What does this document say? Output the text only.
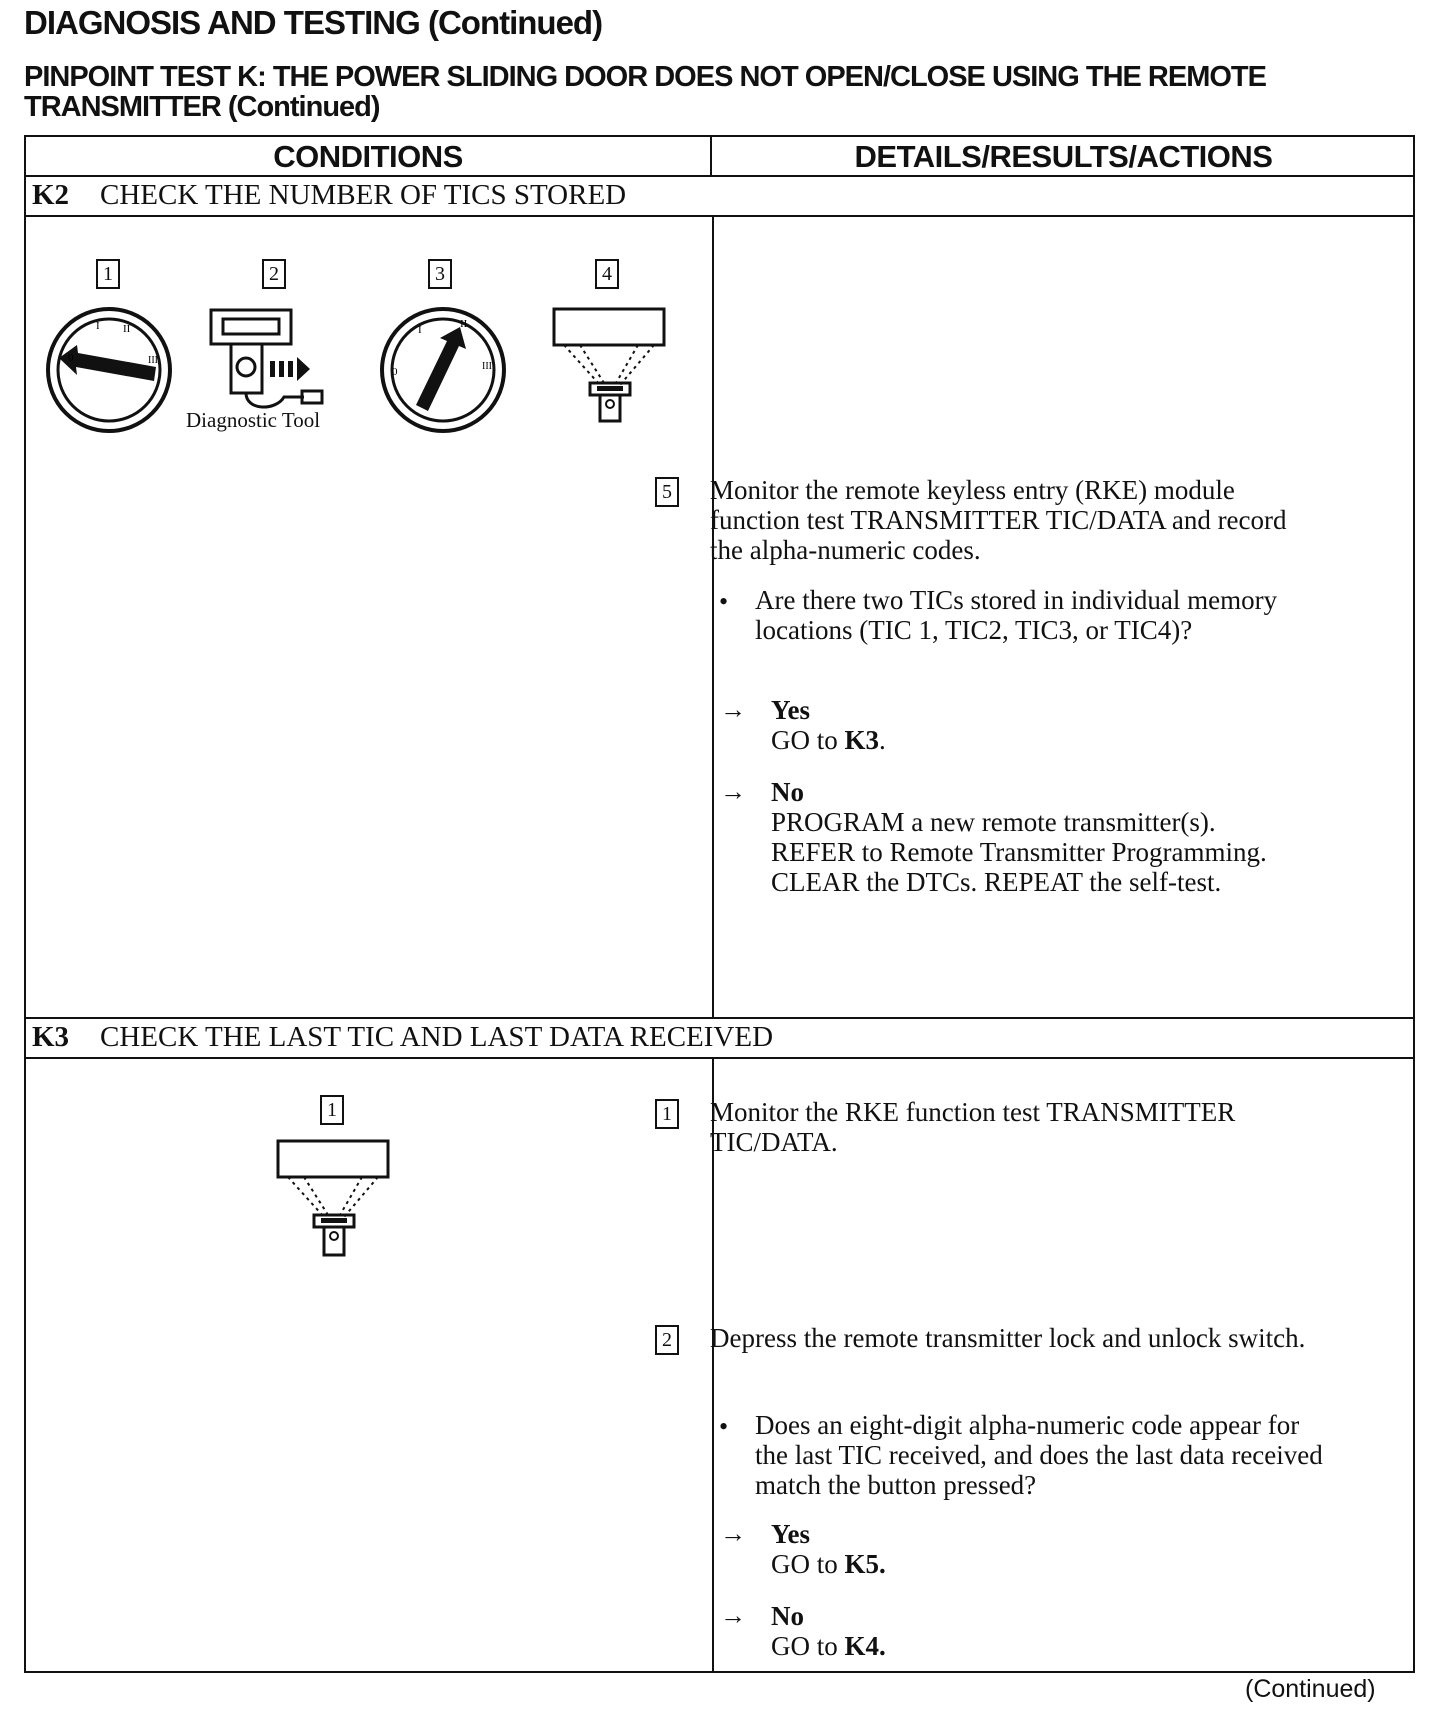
DIAGNOSIS AND TESTING (Continued)
PINPOINT TEST K: THE POWER SLIDING DOOR DOES NOT OPEN/CLOSE USING THE REMOTE TRANSMITTER (Continued)
CONDITIONS	DETAILS/RESULTS/ACTIONS
K2 CHECK THE NUMBER OF TICS STORED
1	2	3	4
0
I II
III
Diagnostic Tool
0
I	II
III
5 Monitor the remote keyless entry (RKE) module function test TRANSMITTER TIC/DATA and record the alpha-numeric codes.
• Are there two TICs stored in individual memory locations (TIC 1, TIC2, TIC3, or TIC4)?
→ Yes
GO to K3.
→ No
PROGRAM a new remote transmitter(s).
REFER to Remote Transmitter Programming.
CLEAR the DTCs. REPEAT the self-test.
K3 CHECK THE LAST TIC AND LAST DATA RECEIVED
1	1 Monitor the RKE function test TRANSMITTER TIC/DATA.
2 Depress the remote transmitter lock and unlock switch.
• Does an eight-digit alpha-numeric code appear for the last TIC received, and does the last data received match the button pressed?
→ Yes
GO to K5.
→ No
GO to K4.
(Continued)
